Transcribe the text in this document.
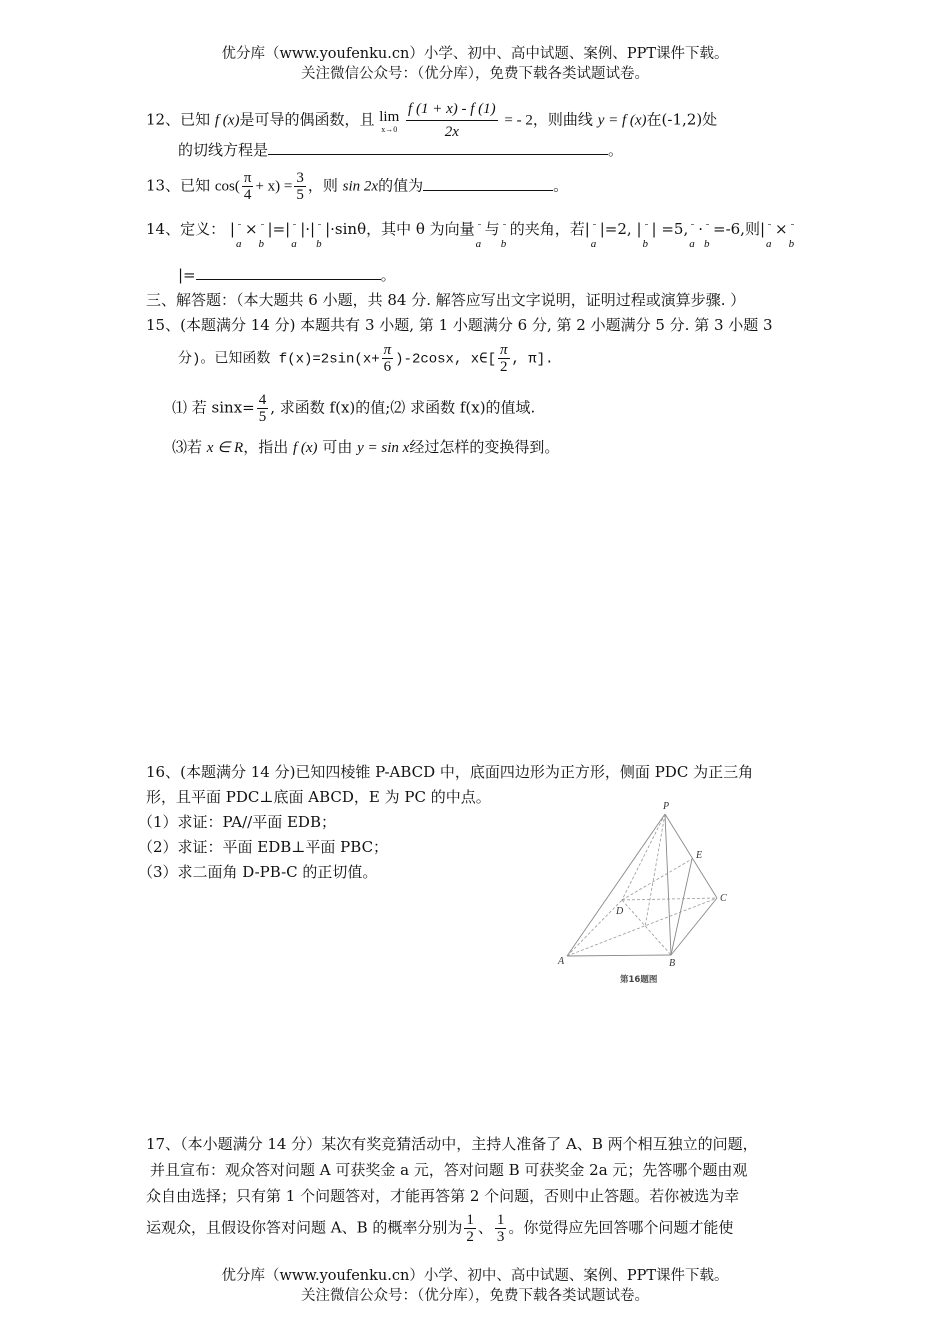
优分库（www.youfenku.cn）小学、初中、高中试题、案例、PPT课件下载。
关注微信公众号：（优分库），免费下载各类试题试卷。
12、已知 f (x)是可导的偶函数，且 lim
x→0
$\frac{f (1 + x) - f (1)}{2x}$ = - 2，则曲线 y = f (x)在(-1,2)处
的切线方程是	。
13、已知 $\cos( \frac{\pi}{4} + x) = \frac{3}{5}$ ，则 sin 2x的值为	。
14、定义： |
a
×
b
|=|
a
|·|
b
|·sinθ，其中 θ 为向量
a
与
b
的夹角，若|
a
|=2, |
b
| =5,
a
·
b
=-6,则|
a
×
b
|=	。
三、解答题：（本大题共 6 小题，共 84 分. 解答应写出文字说明，证明过程或演算步骤. ）
15、(本题满分 14 分) 本题共有 3 小题, 第 1 小题满分 6 分, 第 2 小题满分 5 分. 第 3 小题 3
分)。已知函数 $f(x)=2\sin(x+ \frac{\pi}{6} )-2\cos x$, x∈[ $\frac{\pi}{2}$ , π].
⑴ 若 $\sin x= \frac{4}{5}$ , 求函数 f(x)的值;⑵ 求函数 f(x)的值域.
⑶若 x ∈ R，指出 f (x) 可由 y = sin x经过怎样的变换得到。
16、(本题满分 14 分)已知四棱锥 P-ABCD 中，底面四边形为正方形，侧面 PDC 为正三角
形，且平面 PDC⊥底面 ABCD，E 为 PC 的中点。
（1）求证：PA//平面 EDB；
（2）求证：平面 EDB⊥平面 PBC；
（3）求二面角 D-PB-C 的正切值。
P
E
D
C
A	B
第16题图
17、（本小题满分 14 分）某次有奖竞猜活动中，主持人准备了 A、B 两个相互独立的问题，
并且宣布：观众答对问题 A 可获奖金 a 元，答对问题 B 可获奖金 2a 元；先答哪个题由观
众自由选择；只有第 1 个问题答对，才能再答第 2 个问题，否则中止答题。若你被选为幸
运观众，且假设你答对问题 A、B 的概率分别为 $\frac{1}{2}$ 、 $\frac{1}{3}$ 。你觉得应先回答哪个问题才能使
优分库（www.youfenku.cn）小学、初中、高中试题、案例、PPT课件下载。
关注微信公众号：（优分库），免费下载各类试题试卷。
